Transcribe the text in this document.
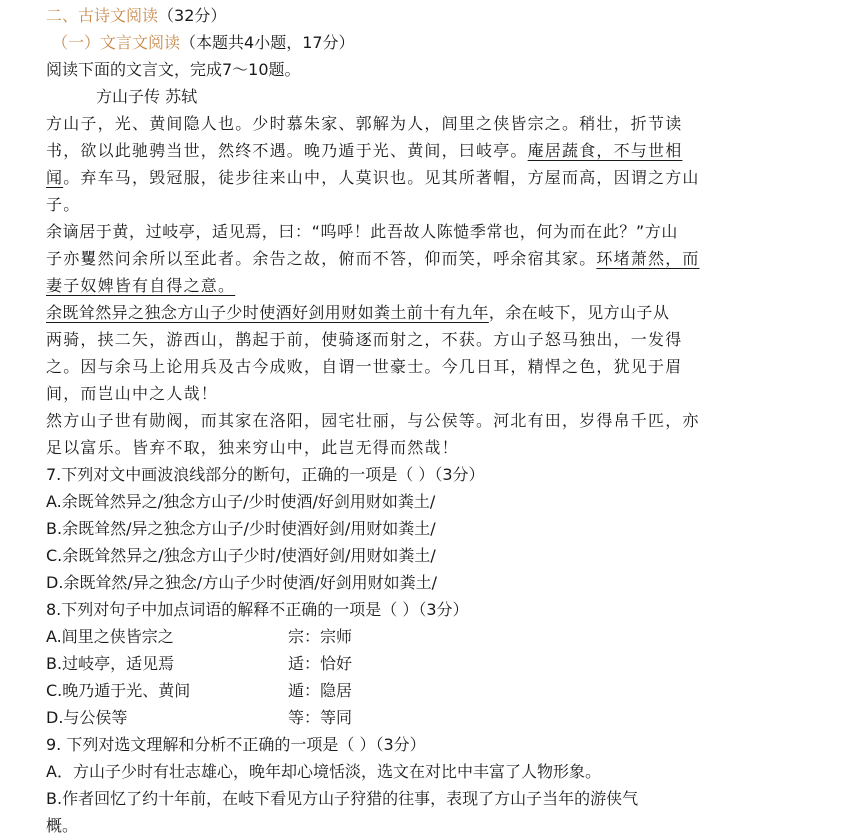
二、古诗文阅读（32分）
（一）文言文阅读（本题共4小题，17分）
阅读下面的文言文，完成7～10题。
方山子传 苏轼
方山子，光、黄间隐人也。少时慕朱家、郭解为人，闾里之侠皆宗之。稍壮，折节读
书，欲以此驰骋当世，然终不遇。晚乃遁于光、黄间，曰岐亭。庵居蔬食，不与世相
闻。弃车马，毁冠服，徒步往来山中，人莫识也。见其所著帽，方屋而高，因谓之方山
子。
余谪居于黄，过岐亭，适见焉，曰：“呜呼！此吾故人陈慥季常也，何为而在此？”方山
子亦矍然问余所以至此者。余告之故，俯而不答，仰而笑，呼余宿其家。环堵萧然，而
妻子奴婢皆有自得之意。
余既耸然异之独念方山子少时使酒好剑用财如粪土前十有九年，余在岐下，见方山子从
两骑，挟二矢，游西山，鹊起于前，使骑逐而射之，不获。方山子怒马独出，一发得
之。因与余马上论用兵及古今成败，自谓一世豪士。今几日耳，精悍之色，犹见于眉
间，而岂山中之人哉！
然方山子世有勋阀，而其家在洛阳，园宅壮丽，与公侯等。河北有田，岁得帛千匹，亦
足以富乐。皆弃不取，独来穷山中，此岂无得而然哉！
7.下列对文中画波浪线部分的断句，正确的一项是（ ）（3分）
A.余既耸然异之/独念方山子/少时使酒/好剑用财如粪土/
B.余既耸然/异之独念方山子/少时使酒好剑/用财如粪土/
C.余既耸然异之/独念方山子少时/使酒好剑/用财如粪土/
D.余既耸然/异之独念/方山子少时使酒/好剑用财如粪土/
8.下列对句子中加点词语的解释不正确的一项是（ ）（3分）
A.闾里之侠皆宗之	宗：宗师
B.过岐亭，适见焉	适：恰好
C.晚乃遁于光、黄间	遁：隐居
D.与公侯等	等：等同
9. 下列对选文理解和分析不正确的一项是（ ）（3分）
A．方山子少时有壮志雄心，晚年却心境恬淡，选文在对比中丰富了人物形象。
B.作者回忆了约十年前，在岐下看见方山子狩猎的往事，表现了方山子当年的游侠气
概。
